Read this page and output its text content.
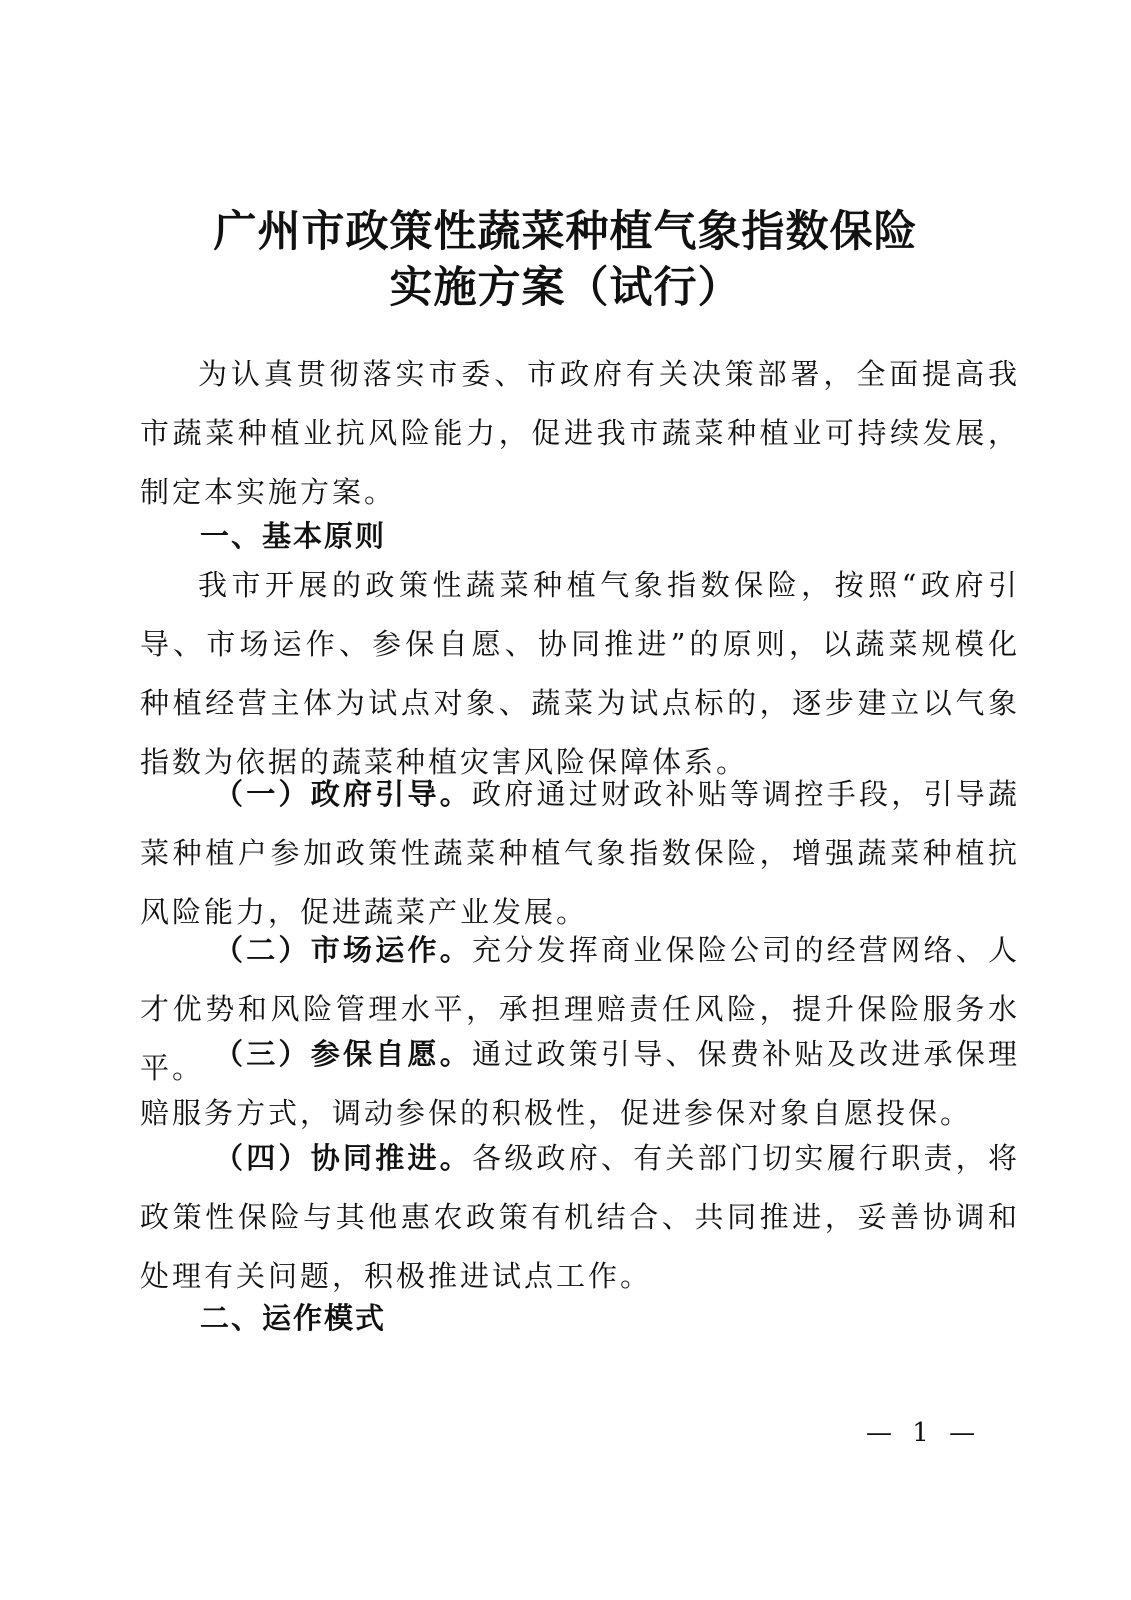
广州市政策性蔬菜种植气象指数保险
实施方案（试行）
为认真贯彻落实市委、市政府有关决策部署，全面提高我市蔬菜种植业抗风险能力，促进我市蔬菜种植业可持续发展，制定本实施方案。
一、基本原则
我市开展的政策性蔬菜种植气象指数保险，按照“政府引导、市场运作、参保自愿、协同推进”的原则，以蔬菜规模化种植经营主体为试点对象、蔬菜为试点标的，逐步建立以气象指数为依据的蔬菜种植灾害风险保障体系。
（一）政府引导。政府通过财政补贴等调控手段，引导蔬菜种植户参加政策性蔬菜种植气象指数保险，增强蔬菜种植抗风险能力，促进蔬菜产业发展。
（二）市场运作。充分发挥商业保险公司的经营网络、人才优势和风险管理水平，承担理赔责任风险，提升保险服务水平。 （三）参保自愿。通过政策引导、保费补贴及改进承保理赔服务方式，调动参保的积极性，促进参保对象自愿投保。
（四）协同推进。各级政府、有关部门切实履行职责，将政策性保险与其他惠农政策有机结合、共同推进，妥善协调和处理有关问题，积极推进试点工作。
二、运作模式
— 1 —
